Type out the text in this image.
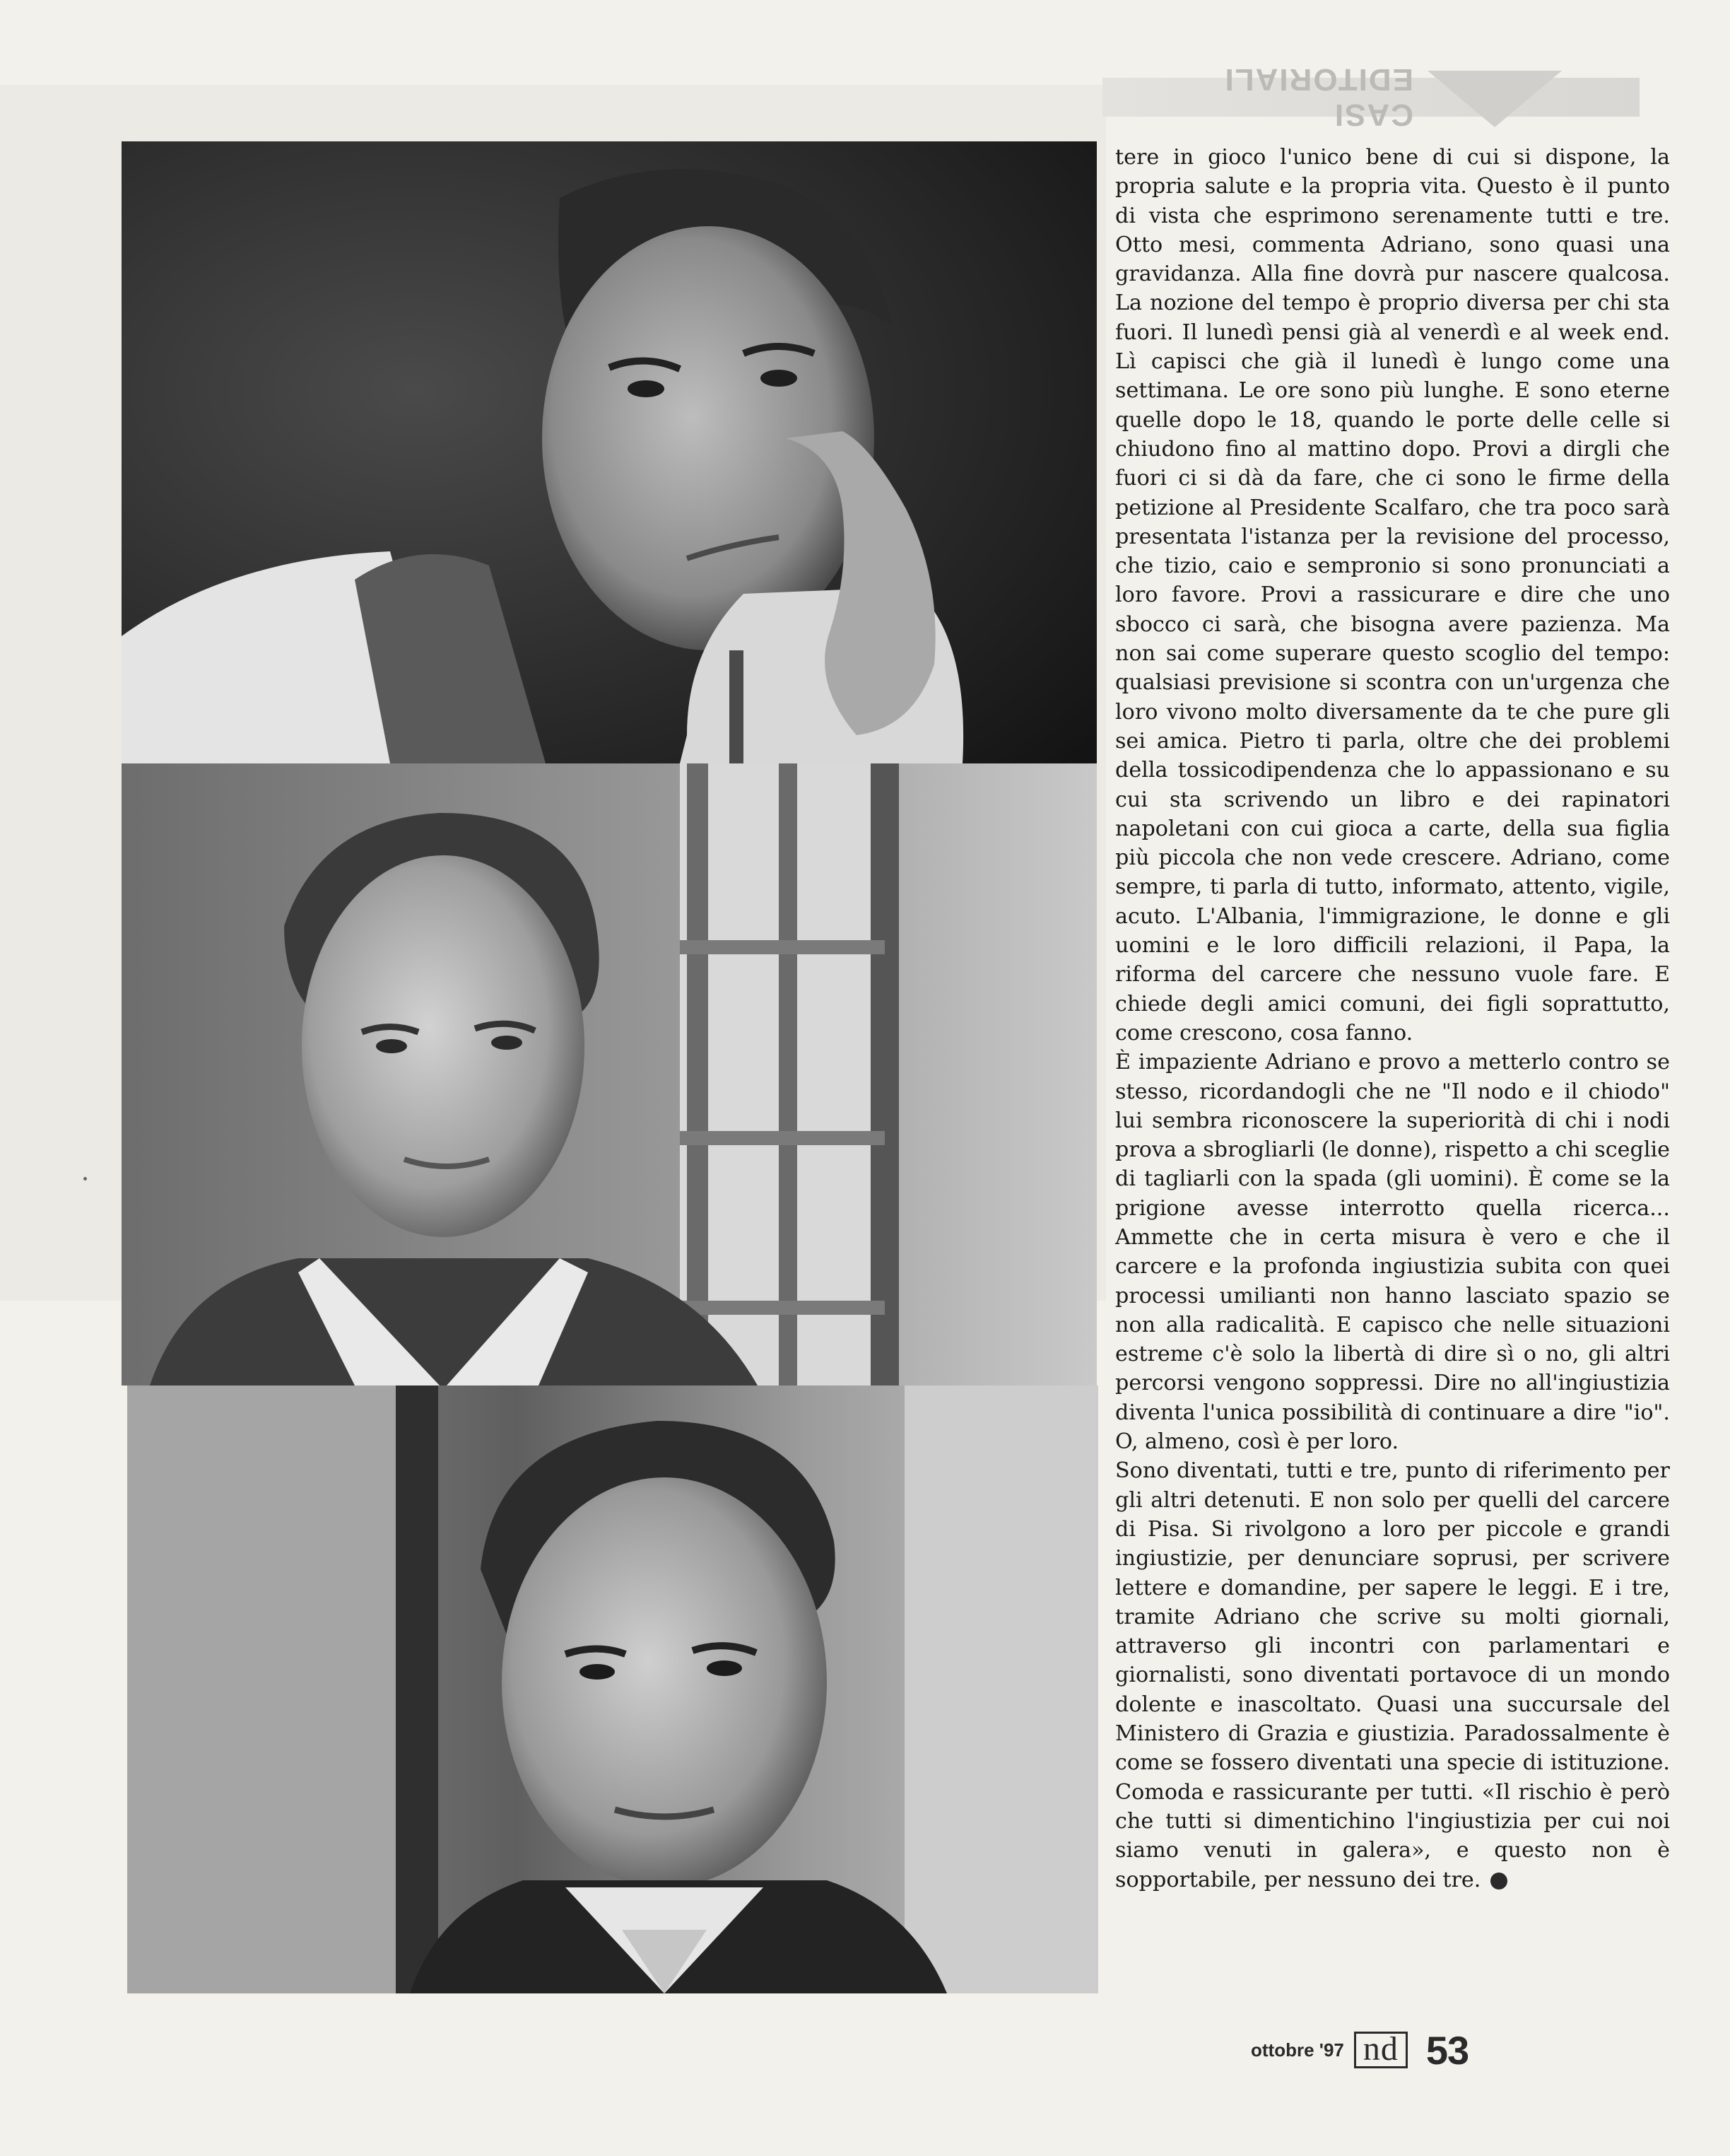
CASI EDITORIALI

tere in gioco l'unico bene di cui si dispone, la propria salute e la propria vita. Questo è il punto di vista che esprimono serenamente tutti e tre. Otto mesi, commenta Adriano, sono quasi una gravidanza. Alla fine dovrà pur nascere qualcosa. La nozione del tempo è proprio diversa per chi sta fuori. Il lunedì pensi già al venerdì e al week end. Lì capisci che già il lunedì è lungo come una settimana. Le ore sono più lunghe. E sono eterne quelle dopo le 18, quando le porte delle celle si chiudono fino al mattino dopo. Provi a dirgli che fuori ci si dà da fare, che ci sono le firme della petizione al Presidente Scalfaro, che tra poco sarà presentata l'istanza per la revisione del processo, che tizio, caio e sempronio si sono pronunciati a loro favore. Provi a rassicurare e dire che uno sbocco ci sarà, che bisogna avere pazienza. Ma non sai come superare questo scoglio del tempo: qualsiasi previsione si scontra con un'urgenza che loro vivono molto diversamente da te che pure gli sei amica. Pietro ti parla, oltre che dei problemi della tossicodipendenza che lo appassionano e su cui sta scrivendo un libro e dei rapinatori napoletani con cui gioca a carte, della sua figlia più piccola che non vede crescere. Adriano, come sempre, ti parla di tutto, informato, attento, vigile, acuto. L'Albania, l'immigrazione, le donne e gli uomini e le loro difficili relazioni, il Papa, la riforma del carcere che nessuno vuole fare. E chiede degli amici comuni, dei figli soprattutto, come crescono, cosa fanno.

È impaziente Adriano e provo a metterlo contro se stesso, ricordandogli che ne "Il nodo e il chiodo" lui sembra riconoscere la superiorità di chi i nodi prova a sbrogliarli (le donne), rispetto a chi sceglie di tagliarli con la spada (gli uomini). È come se la prigione avesse interrotto quella ricerca... Ammette che in certa misura è vero e che il carcere e la profonda ingiustizia subita con quei processi umilianti non hanno lasciato spazio se non alla radicalità. E capisco che nelle situazioni estreme c'è solo la libertà di dire sì o no, gli altri percorsi vengono soppressi. Dire no all'ingiustizia diventa l'unica possibilità di continuare a dire "io". O, almeno, così è per loro.

Sono diventati, tutti e tre, punto di riferimento per gli altri detenuti. E non solo per quelli del carcere di Pisa. Si rivolgono a loro per piccole e grandi ingiustizie, per denunciare soprusi, per scrivere lettere e domandine, per sapere le leggi. E i tre, tramite Adriano che scrive su molti giornali, attraverso gli incontri con parlamentari e giornalisti, sono diventati portavoce di un mondo dolente e inascoltato. Quasi una succursale del Ministero di Grazia e giustizia. Paradossalmente è come se fossero diventati una specie di istituzione. Comoda e rassicurante per tutti. «Il rischio è però che tutti si dimentichino l'ingiustizia per cui noi siamo venuti in galera», e questo non è sopportabile, per nessuno dei tre.

ottobre '97 nd 53
